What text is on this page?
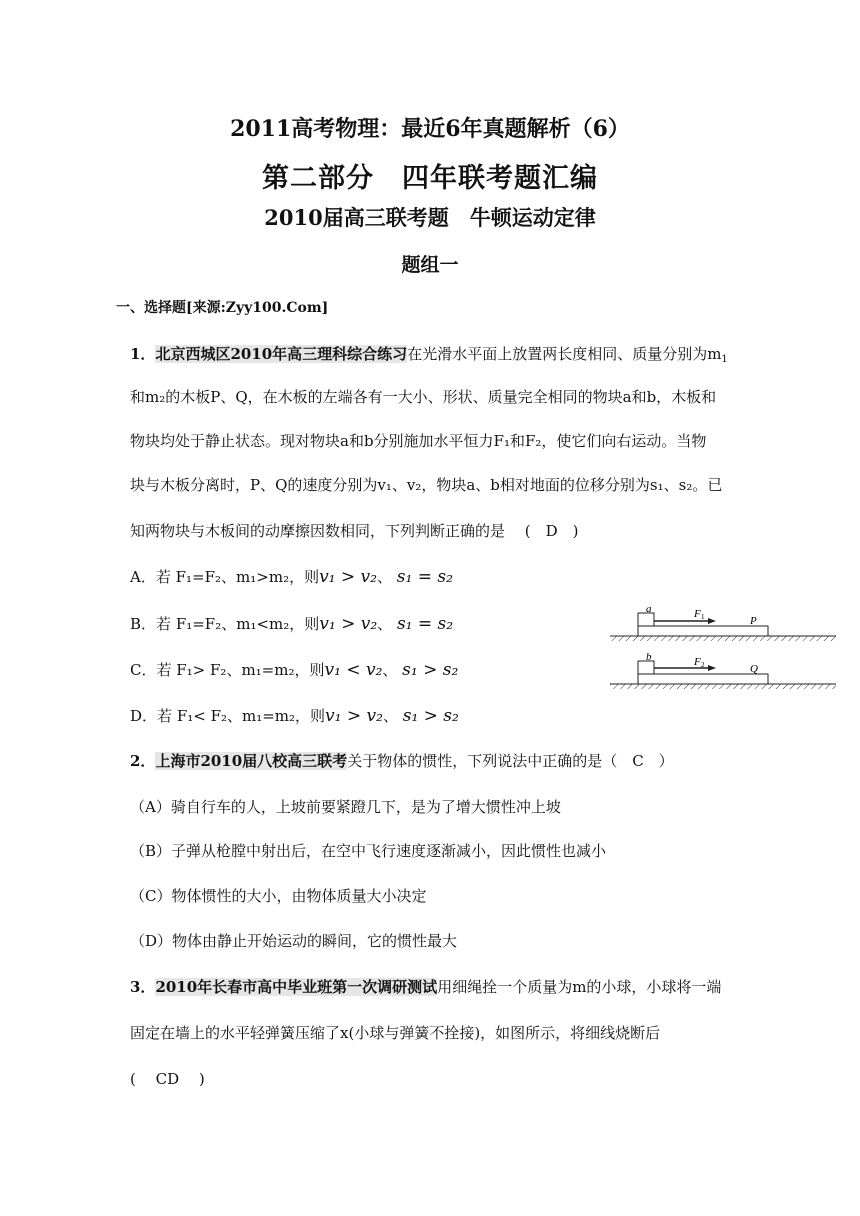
2011高考物理：最近6年真题解析（6）
第二部分　四年联考题汇编
2010届高三联考题　牛顿运动定律
题组一
一、选择题[来源:Zyy100.Com]
1．北京西城区2010年高三理科综合练习在光滑水平面上放置两长度相同、质量分别为$m_1$
和m₂的木板P、Q，在木板的左端各有一大小、形状、质量完全相同的物块a和b，木板和
物块均处于静止状态。现对物块a和b分别施加水平恒力F₁和F₂，使它们向右运动。当物
块与木板分离时，P、Q的速度分别为v₁、v₂，物块a、b相对地面的位移分别为s₁、s₂。已
知两物块与木板间的动摩擦因数相同，下列判断正确的是　 (　D　)
A．若 F₁=F₂、m₁>m₂，则v₁ > v₂、 s₁ = s₂
B．若 F₁=F₂、m₁<m₂，则v₁ > v₂、 s₁ = s₂
C．若 F₁> F₂、m₁=m₂，则v₁ < v₂、 s₁ > s₂
D．若 F₁< F₂、m₁=m₂，则v₁ > v₂、 s₁ > s₂
a	F 1	P
b	F 2	Q
2．上海市2010届八校高三联考关于物体的惯性，下列说法中正确的是（　C　）
（A）骑自行车的人，上坡前要紧蹬几下，是为了增大惯性冲上坡
（B）子弹从枪膛中射出后，在空中飞行速度逐渐减小，因此惯性也减小
（C）物体惯性的大小，由物体质量大小决定
（D）物体由静止开始运动的瞬间，它的惯性最大
3．2010年长春市高中毕业班第一次调研测试用细绳拴一个质量为m的小球，小球将一端
固定在墙上的水平轻弹簧压缩了x(小球与弹簧不拴接)，如图所示，将细线烧断后
(　 CD　 )
